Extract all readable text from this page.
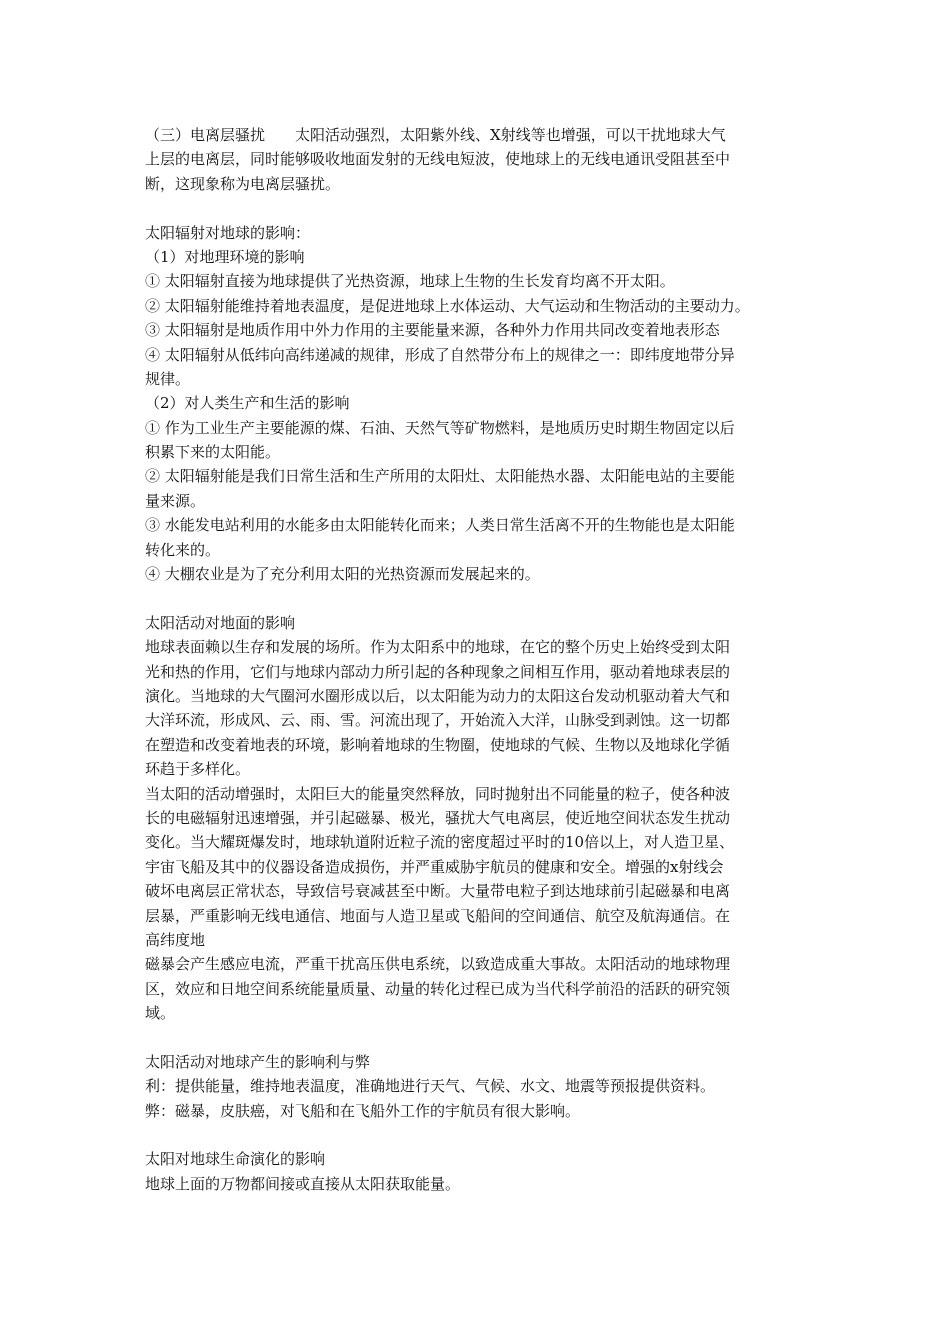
（三）电离层骚扰 太阳活动强烈，太阳紫外线、X射线等也增强，可以干扰地球大气
上层的电离层，同时能够吸收地面发射的无线电短波，使地球上的无线电通讯受阻甚至中
断，这现象称为电离层骚扰。
太阳辐射对地球的影响：
（1）对地理环境的影响
① 太阳辐射直接为地球提供了光热资源，地球上生物的生长发育均离不开太阳。
② 太阳辐射能维持着地表温度，是促进地球上水体运动、大气运动和生物活动的主要动力。
③ 太阳辐射是地质作用中外力作用的主要能量来源，各种外力作用共同改变着地表形态
④ 太阳辐射从低纬向高纬递减的规律，形成了自然带分布上的规律之一：即纬度地带分异
规律。
（2）对人类生产和生活的影响
① 作为工业生产主要能源的煤、石油、天然气等矿物燃料，是地质历史时期生物固定以后
积累下来的太阳能。
② 太阳辐射能是我们日常生活和生产所用的太阳灶、太阳能热水器、太阳能电站的主要能
量来源。
③ 水能发电站利用的水能多由太阳能转化而来；人类日常生活离不开的生物能也是太阳能
转化来的。
④ 大棚农业是为了充分利用太阳的光热资源而发展起来的。
太阳活动对地面的影响
地球表面赖以生存和发展的场所。作为太阳系中的地球，在它的整个历史上始终受到太阳
光和热的作用，它们与地球内部动力所引起的各种现象之间相互作用，驱动着地球表层的
演化。当地球的大气圈河水圈形成以后，以太阳能为动力的太阳这台发动机驱动着大气和
大洋环流，形成风、云、雨、雪。河流出现了，开始流入大洋，山脉受到剥蚀。这一切都
在塑造和改变着地表的环境，影响着地球的生物圈，使地球的气候、生物以及地球化学循
环趋于多样化。
当太阳的活动增强时，太阳巨大的能量突然释放，同时抛射出不同能量的粒子，使各种波
长的电磁辐射迅速增强，并引起磁暴、极光，骚扰大气电离层，使近地空间状态发生扰动
变化。当大耀斑爆发时，地球轨道附近粒子流的密度超过平时的10倍以上，对人造卫星、
宇宙飞船及其中的仪器设备造成损伤，并严重威胁宇航员的健康和安全。增强的x射线会
破坏电离层正常状态，导致信号衰减甚至中断。大量带电粒子到达地球前引起磁暴和电离
层暴，严重影响无线电通信、地面与人造卫星或飞船间的空间通信、航空及航海通信。在
高纬度地
磁暴会产生感应电流，严重干扰高压供电系统，以致造成重大事故。太阳活动的地球物理
区，效应和日地空间系统能量质量、动量的转化过程已成为当代科学前沿的活跃的研究领
域。
太阳活动对地球产生的影响利与弊
利：提供能量，维持地表温度，准确地进行天气、气候、水文、地震等预报提供资料。
弊：磁暴，皮肤癌，对飞船和在飞船外工作的宇航员有很大影响。
太阳对地球生命演化的影响
地球上面的万物都间接或直接从太阳获取能量。
